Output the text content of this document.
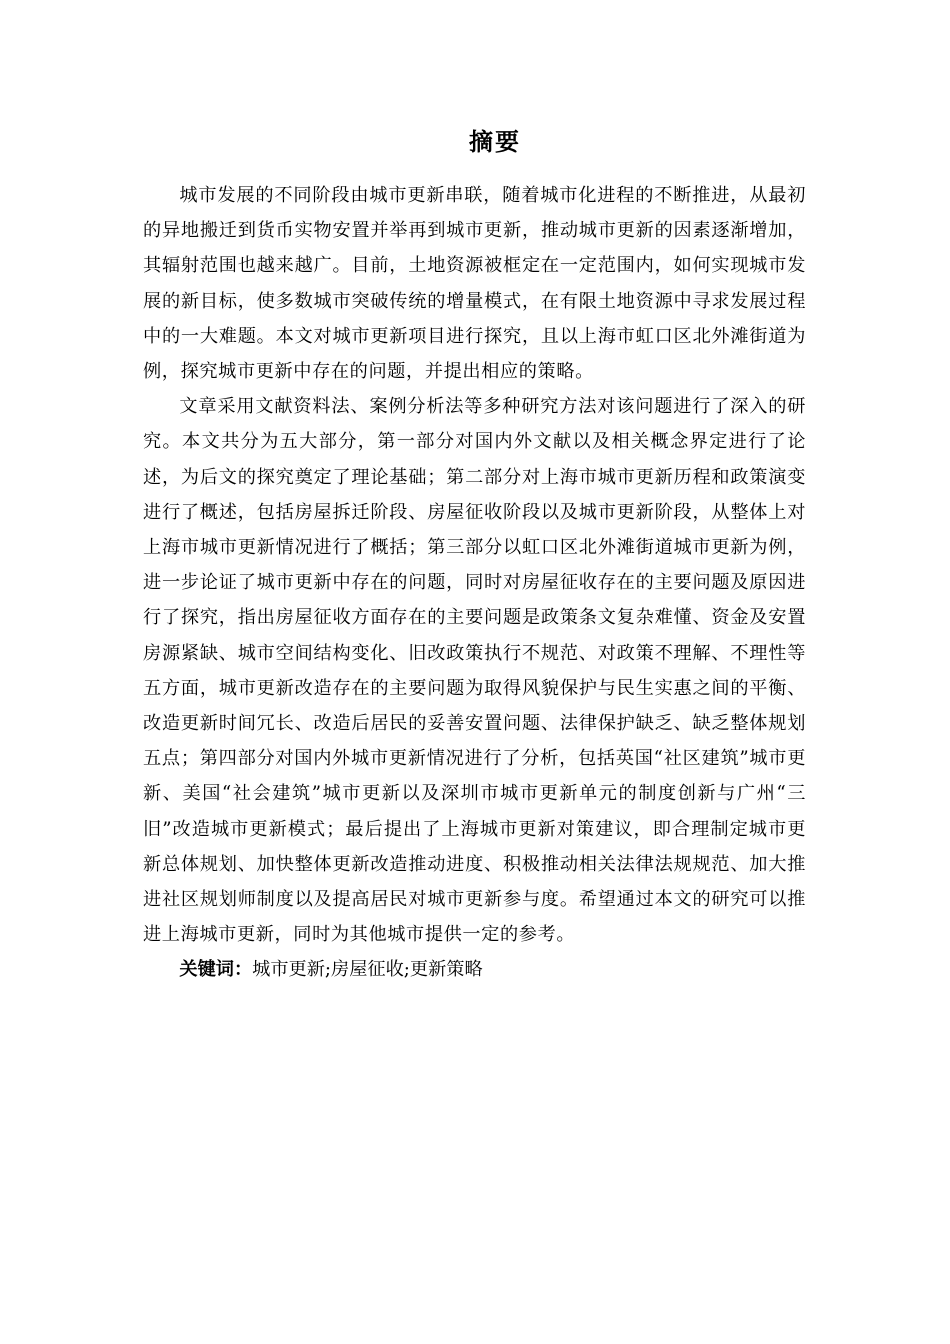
摘要

城市发展的不同阶段由城市更新串联，随着城市化进程的不断推进，从最初的异地搬迁到货币实物安置并举再到城市更新，推动城市更新的因素逐渐增加，其辐射范围也越来越广。目前，土地资源被框定在一定范围内，如何实现城市发展的新目标，使多数城市突破传统的增量模式，在有限土地资源中寻求发展过程中的一大难题。本文对城市更新项目进行探究，且以上海市虹口区北外滩街道为例，探究城市更新中存在的问题，并提出相应的策略。

文章采用文献资料法、案例分析法等多种研究方法对该问题进行了深入的研究。本文共分为五大部分，第一部分对国内外文献以及相关概念界定进行了论述，为后文的探究奠定了理论基础；第二部分对上海市城市更新历程和政策演变进行了概述，包括房屋拆迁阶段、房屋征收阶段以及城市更新阶段，从整体上对上海市城市更新情况进行了概括；第三部分以虹口区北外滩街道城市更新为例，进一步论证了城市更新中存在的问题，同时对房屋征收存在的主要问题及原因进行了探究，指出房屋征收方面存在的主要问题是政策条文复杂难懂、资金及安置房源紧缺、城市空间结构变化、旧改政策执行不规范、对政策不理解、不理性等五方面，城市更新改造存在的主要问题为取得风貌保护与民生实惠之间的平衡、改造更新时间冗长、改造后居民的妥善安置问题、法律保护缺乏、缺乏整体规划五点；第四部分对国内外城市更新情况进行了分析，包括英国“社区建筑”城市更新、美国“社会建筑”城市更新以及深圳市城市更新单元的制度创新与广州“三旧”改造城市更新模式；最后提出了上海城市更新对策建议，即合理制定城市更新总体规划、加快整体更新改造推动进度、积极推动相关法律法规规范、加大推进社区规划师制度以及提高居民对城市更新参与度。希望通过本文的研究可以推进上海城市更新，同时为其他城市提供一定的参考。

关键词：城市更新;房屋征收;更新策略
